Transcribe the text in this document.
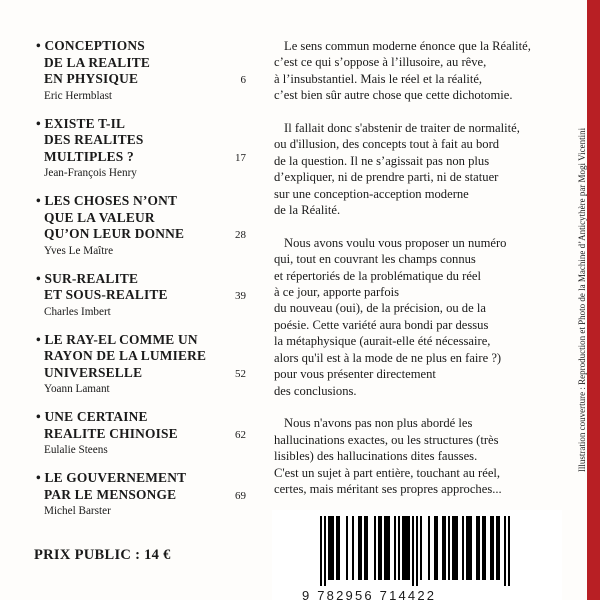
• CONCEPTIONS
DE LA REALITE
EN PHYSIQUE	6
Eric Hermblast
• EXISTE T-IL
DES REALITES
MULTIPLES ?	17
Jean-François Henry
• LES CHOSES N’ONT
QUE LA VALEUR
QU’ON LEUR DONNE	28
Yves Le Maître
• SUR-REALITE
ET SOUS-REALITE	39
Charles Imbert
• LE RAY-EL COMME UN
RAYON DE LA LUMIERE
UNIVERSELLE	52
Yoann Lamant
• UNE CERTAINE
REALITE CHINOISE	62
Eulalie Steens
• LE GOUVERNEMENT
PAR LE MENSONGE	69
Michel Barster
PRIX PUBLIC : 14 €
Le sens commun moderne énonce que la Réalité,
c’est ce qui s’oppose à l’illusoire, au rêve,
à l’insubstantiel. Mais le réel et la réalité,
c’est bien sûr autre chose que cette dichotomie.
Il fallait donc s'abstenir de traiter de normalité,
ou d'illusion, des concepts tout à fait au bord
de la question. Il ne s’agissait pas non plus
d’expliquer, ni de prendre parti, ni de statuer
sur une conception-acception moderne
de la Réalité.
Nous avons voulu vous proposer un numéro
qui, tout en couvrant les champs connus
et répertoriés de la problématique du réel
à ce jour, apporte parfois
du nouveau (oui), de la précision, ou de la
poésie. Cette variété aura bondi par dessus
la métaphysique (aurait-elle été nécessaire,
alors qu'il est à la mode de ne plus en faire ?)
pour vous présenter directement
des conclusions.
Nous n'avons pas non plus abordé les
hallucinations exactes, ou les structures (très
lisibles) des hallucinations dites fausses.
C'est un sujet à part entière, touchant au réel,
certes, mais méritant ses propres approches...
9 782956 714422
Illustration couverture : Reproduction et Photo de la Machine d’Anticythère par Mogi Vicentini
